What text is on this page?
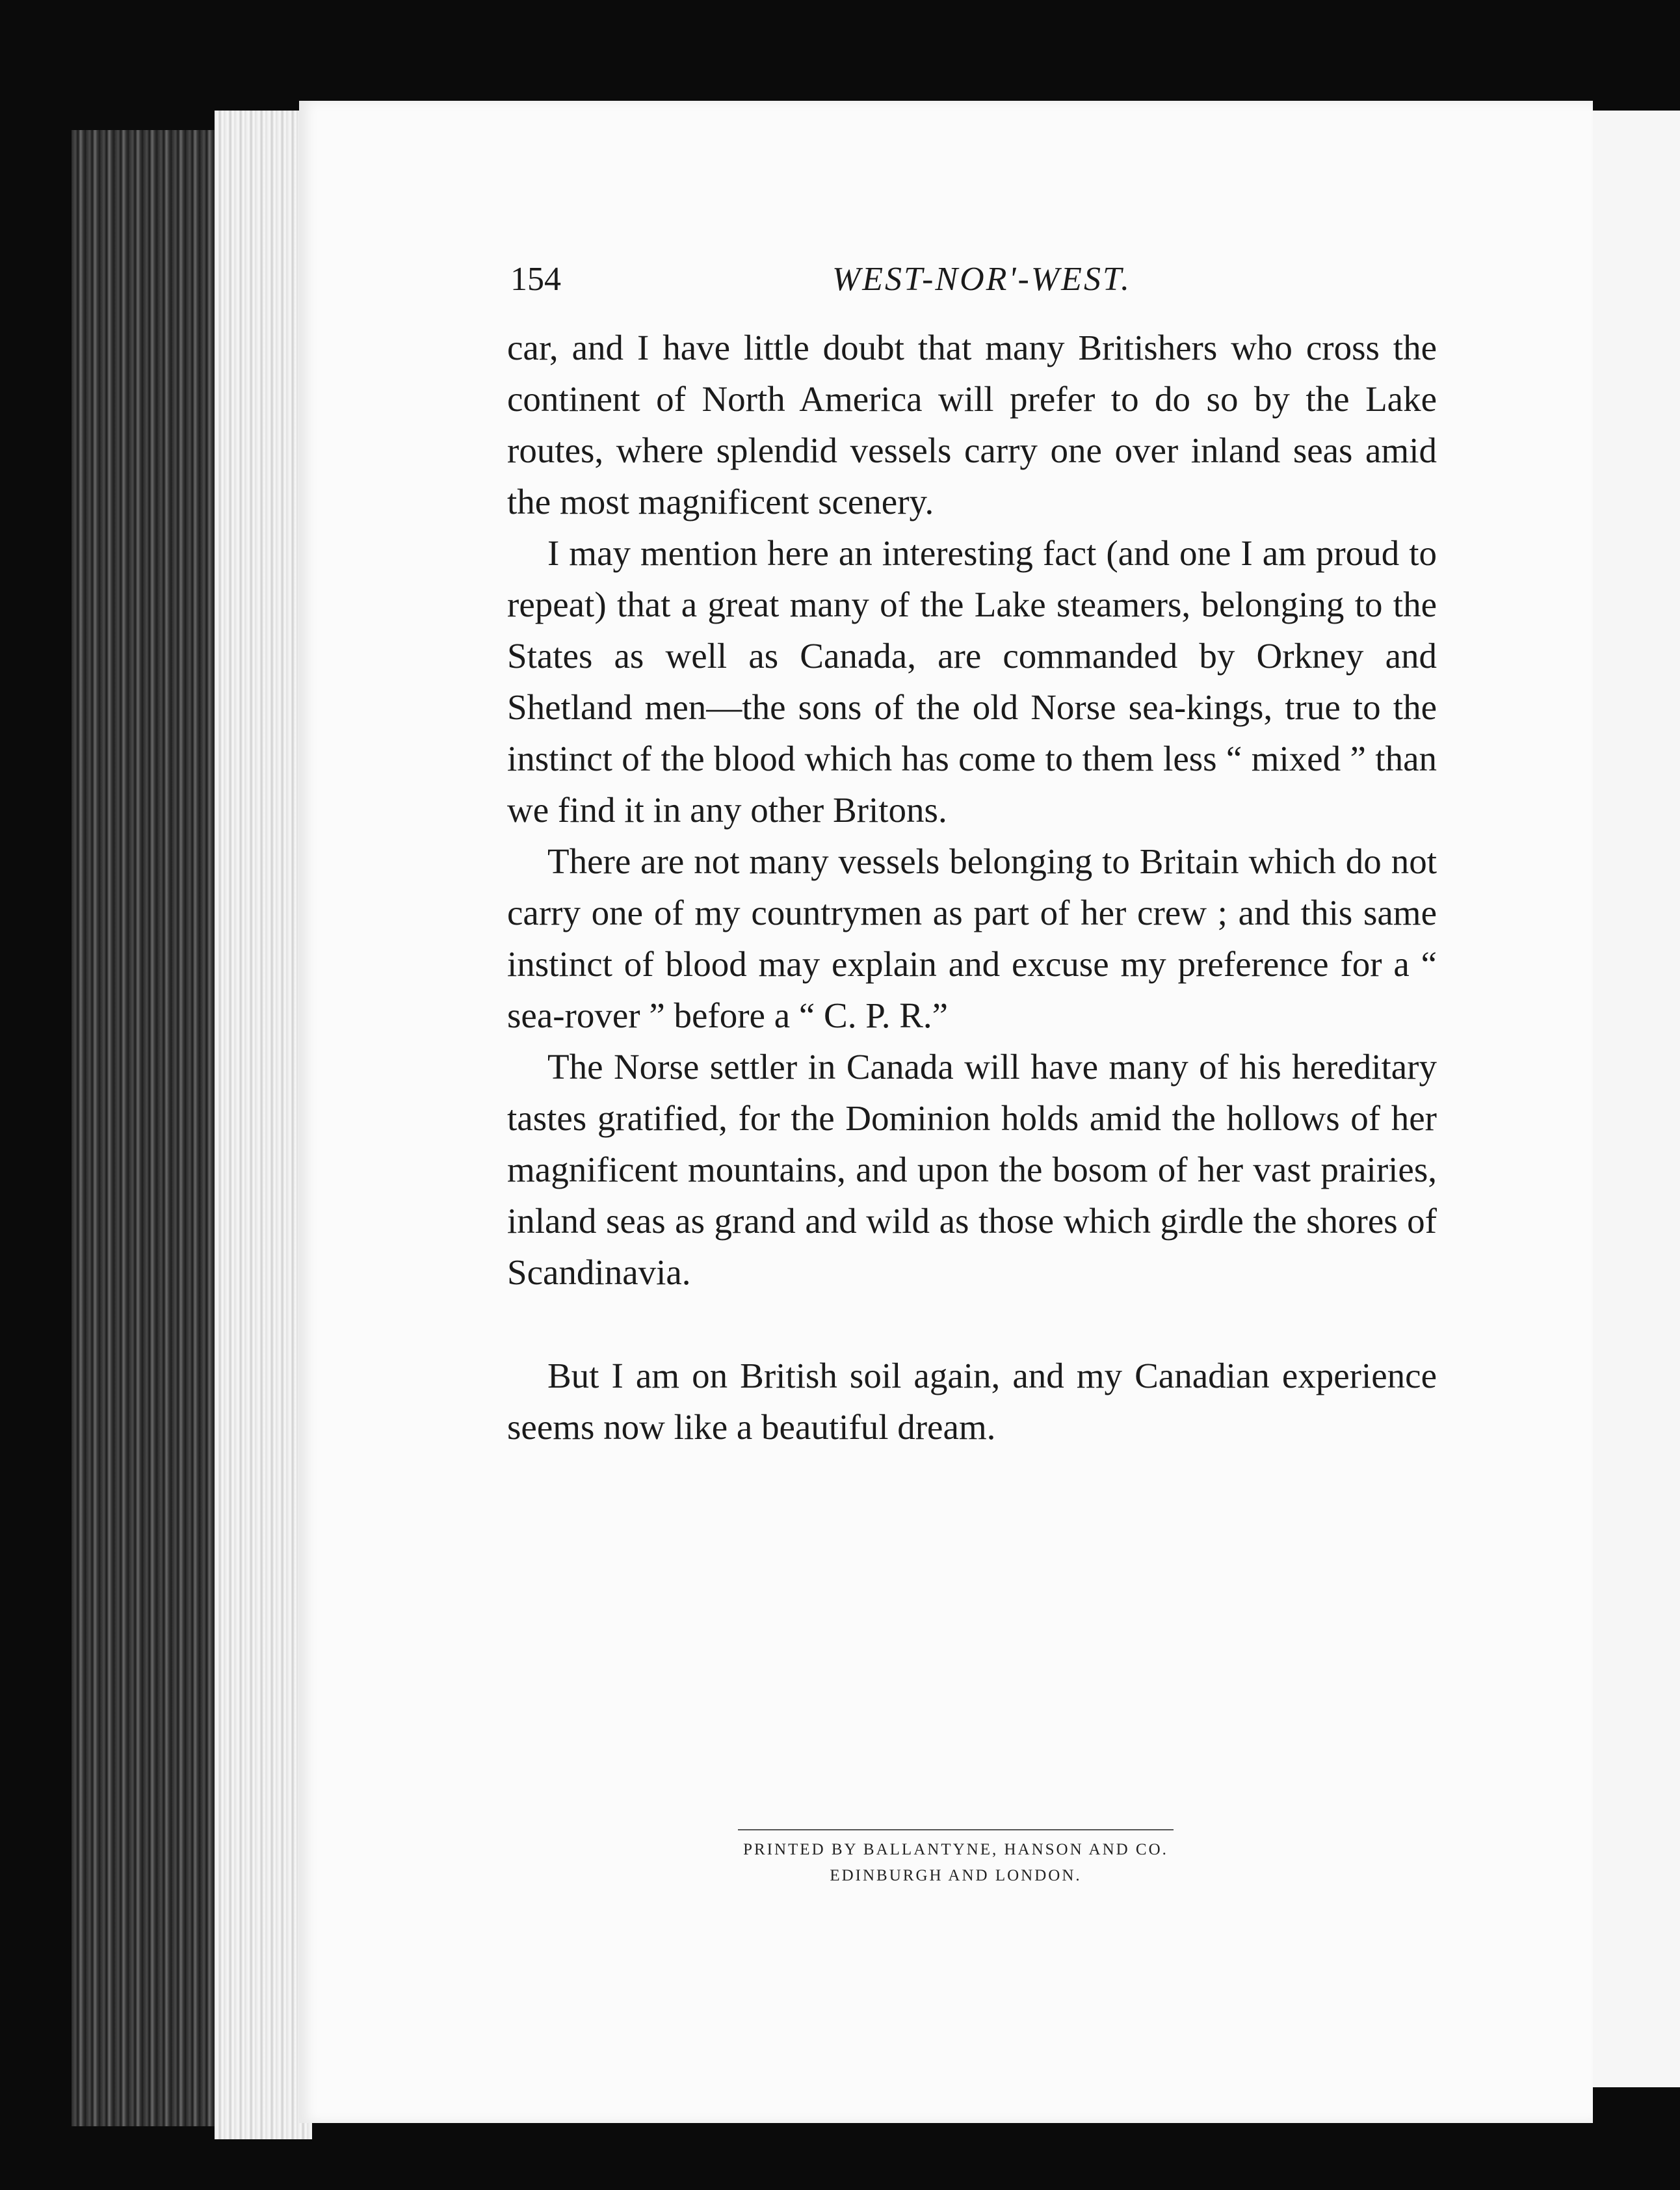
154	WEST-NOR'-WEST.

car, and I have little doubt that many Britishers who cross the continent of North America will prefer to do so by the Lake routes, where splendid vessels carry one over inland seas amid the most magnificent scenery.

I may mention here an interesting fact (and one I am proud to repeat) that a great many of the Lake steamers, belonging to the States as well as Canada, are commanded by Orkney and Shetland men—the sons of the old Norse sea-kings, true to the instinct of the blood which has come to them less “ mixed ” than we find it in any other Britons.

There are not many vessels belonging to Britain which do not carry one of my countrymen as part of her crew ; and this same instinct of blood may explain and excuse my preference for a “ sea-rover ” before a “ C. P. R.”

The Norse settler in Canada will have many of his hereditary tastes gratified, for the Dominion holds amid the hollows of her magnificent mountains, and upon the bosom of her vast prairies, inland seas as grand and wild as those which girdle the shores of Scandinavia.

But I am on British soil again, and my Canadian experience seems now like a beautiful dream.

PRINTED BY BALLANTYNE, HANSON AND CO.
EDINBURGH AND LONDON.
